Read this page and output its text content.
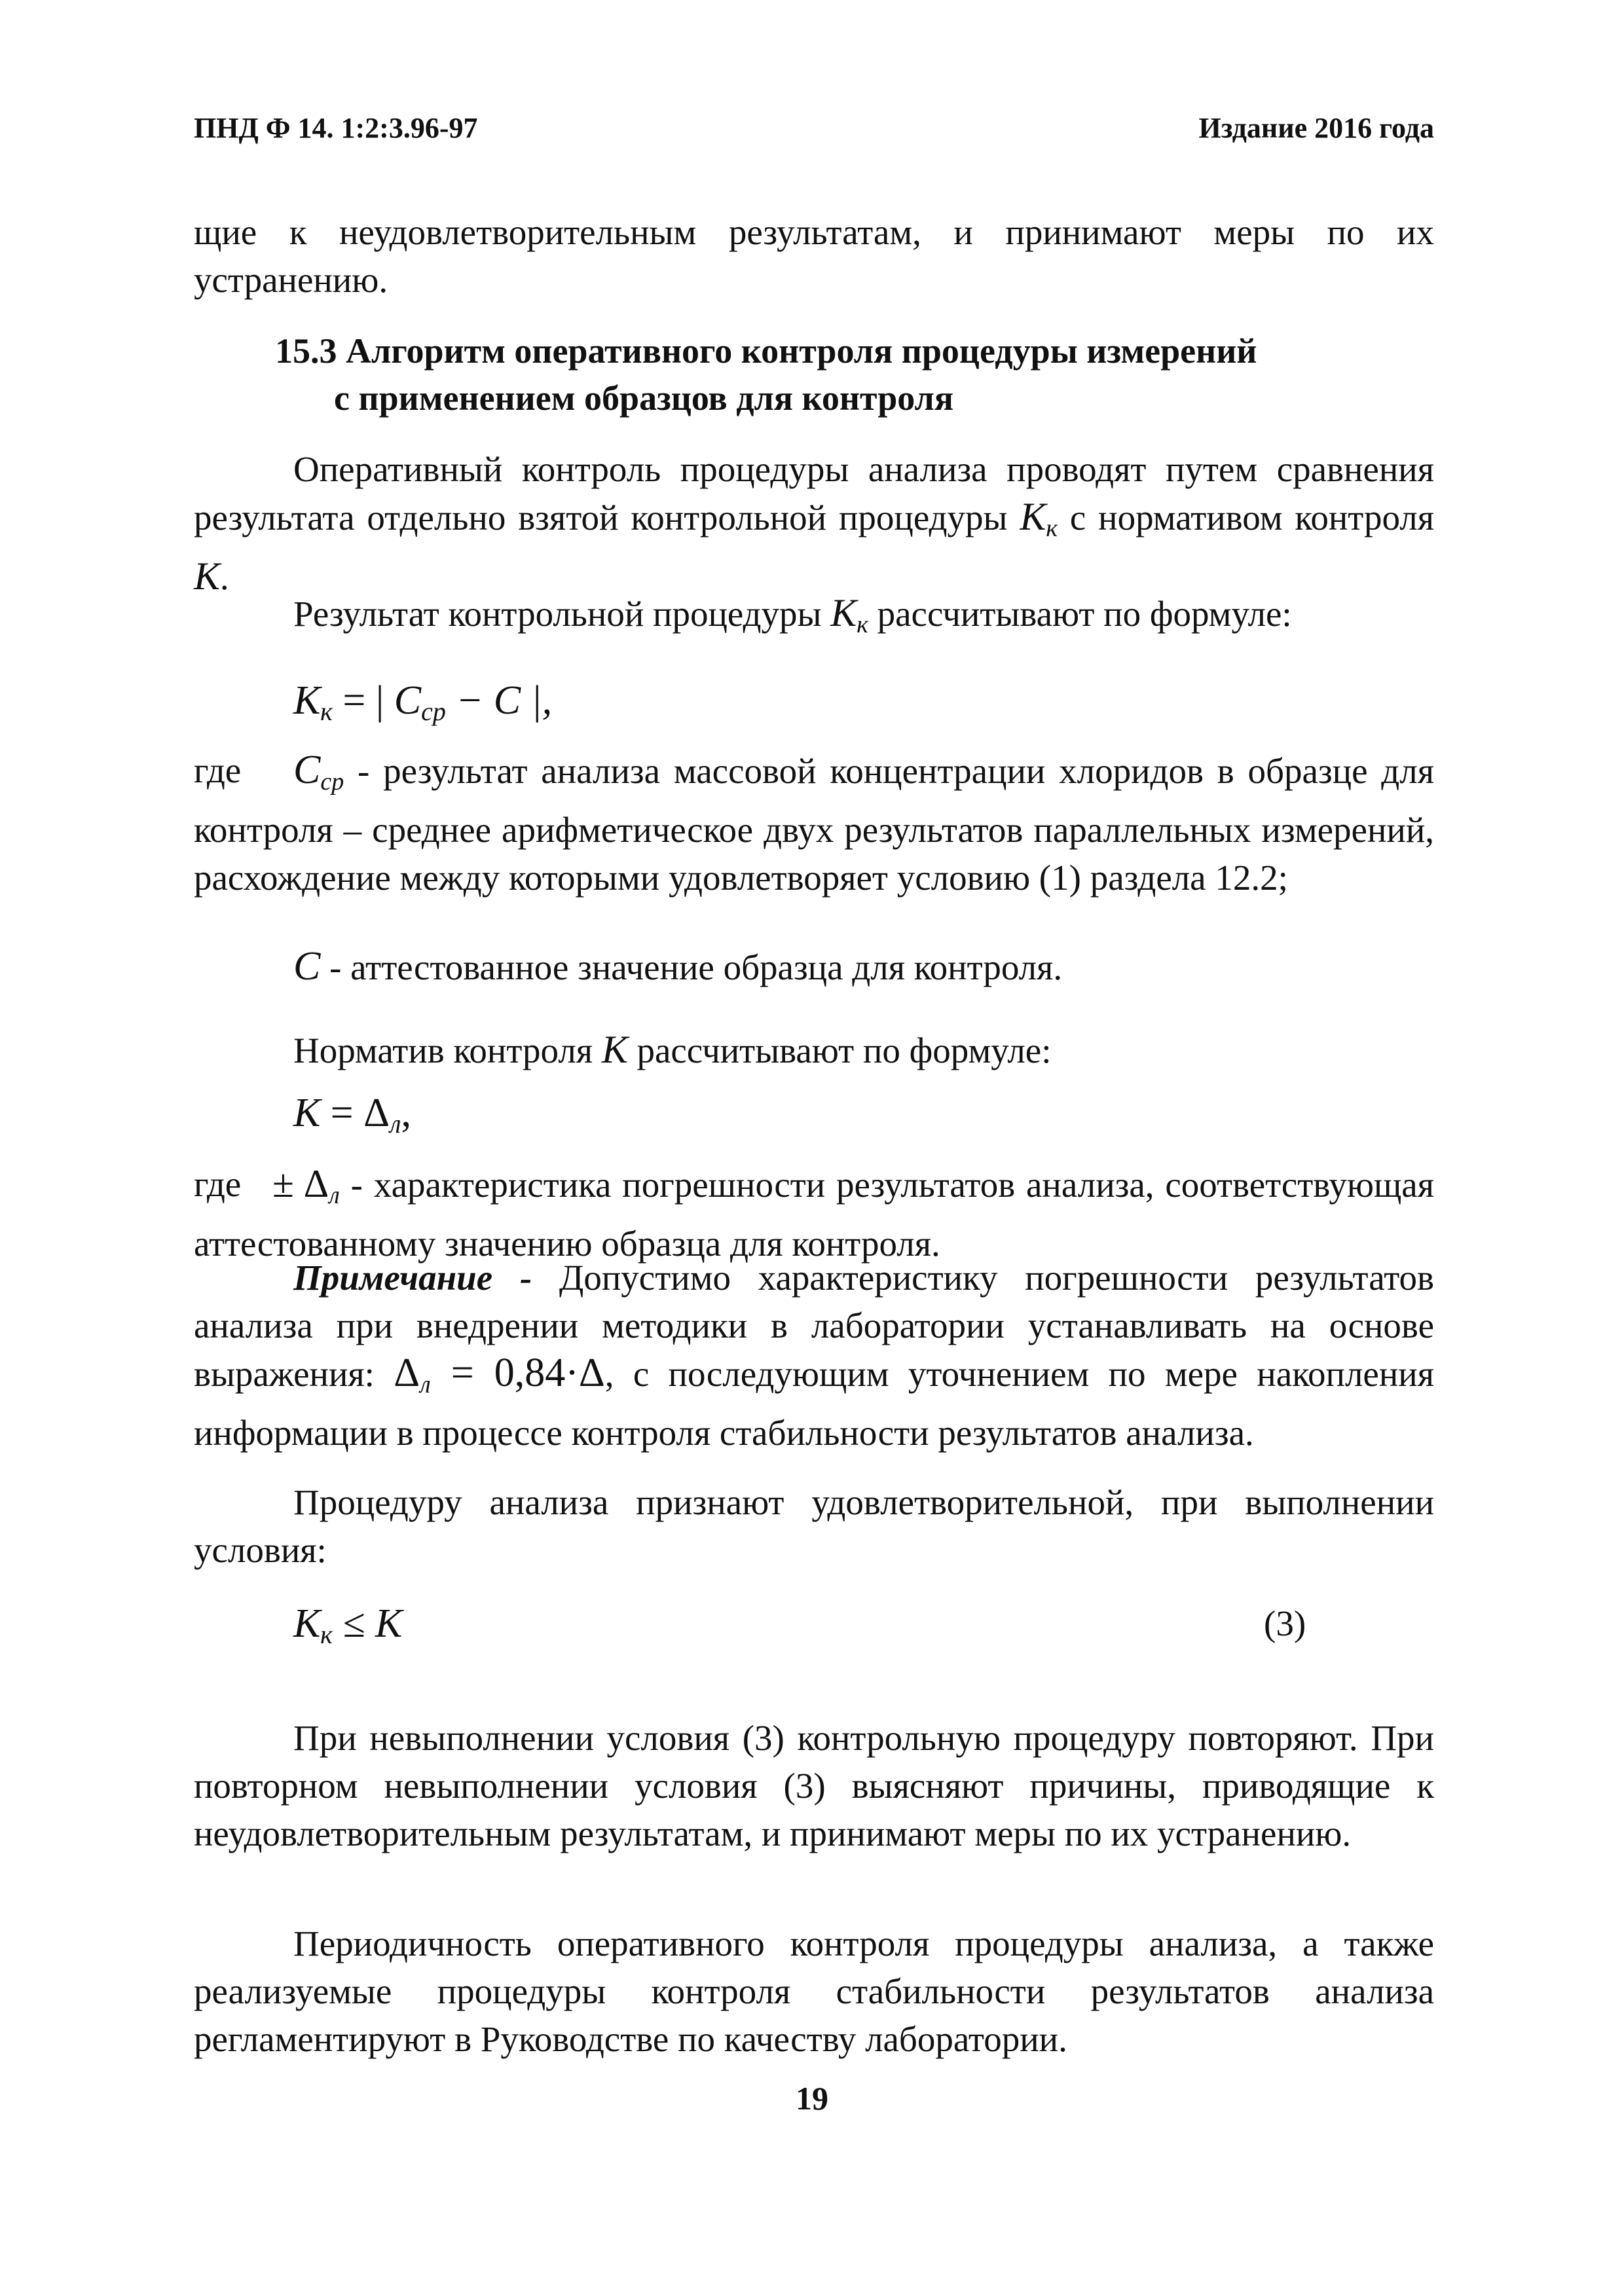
ПНД Ф 14. 1:2:3.96-97	Издание 2016 года
щие к неудовлетворительным результатам, и принимают меры по их устранению.
15.3 Алгоритм оперативного контроля процедуры измерений
с применением образцов для контроля
Оперативный контроль процедуры анализа проводят путем сравнения результата отдельно взятой контрольной процедуры Кк с нормативом контроля К.
Результат контрольной процедуры Кк рассчитывают по формуле:
$К_к$ = | $С_{ср} - С$ |,
где	$С_{ср}$ - результат анализа массовой концентрации хлоридов в образце для контроля – среднее арифметическое двух результатов параллельных измерений, расхождение между которыми удовлетворяет условию (1) раздела 12.2;
С - аттестованное значение образца для контроля.
Норматив контроля К рассчитывают по формуле:
$К = \Delta_л$,
где ± $\Delta_л$ - характеристика погрешности результатов анализа, соответствующая аттестованному значению образца для контроля.
Примечание - Допустимо характеристику погрешности результатов анализа при внедрении методики в лаборатории устанавливать на основе выражения: Δл = 0,84·Δ, с последующим уточнением по мере накопления информации в процессе контроля стабильности результатов анализа.
Процедуру анализа признают удовлетворительной, при выполнении условия:
$К_к \le К$	(3)
При невыполнении условия (3) контрольную процедуру повторяют. При повторном невыполнении условия (3) выясняют причины, приводящие к неудовлетворительным результатам, и принимают меры по их устранению.
Периодичность оперативного контроля процедуры анализа, а также реализуемые процедуры контроля стабильности результатов анализа регламентируют в Руководстве по качеству лаборатории.
19
